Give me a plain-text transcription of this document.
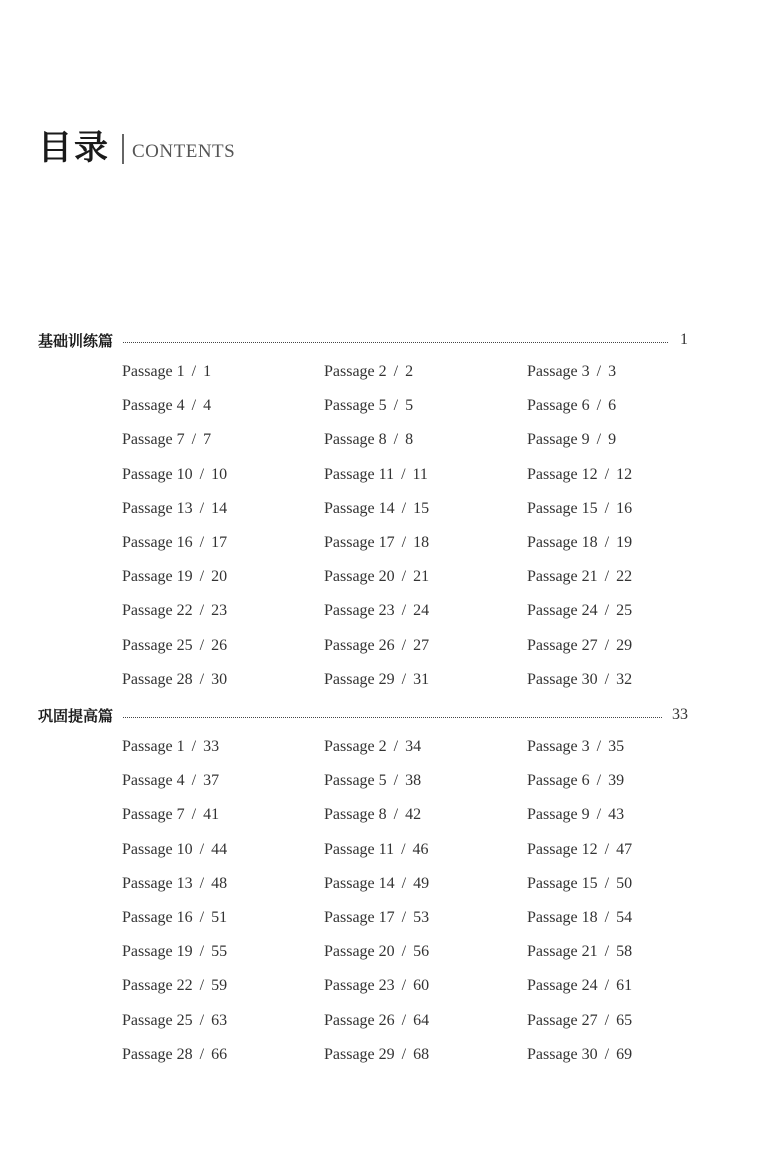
目录 CONTENTS
基础训练篇	1
Passage 1 / 1	Passage 2 / 2	Passage 3 / 3
Passage 4 / 4	Passage 5 / 5	Passage 6 / 6
Passage 7 / 7	Passage 8 / 8	Passage 9 / 9
Passage 10 / 10	Passage 11 / 11	Passage 12 / 12
Passage 13 / 14	Passage 14 / 15	Passage 15 / 16
Passage 16 / 17	Passage 17 / 18	Passage 18 / 19
Passage 19 / 20	Passage 20 / 21	Passage 21 / 22
Passage 22 / 23	Passage 23 / 24	Passage 24 / 25
Passage 25 / 26	Passage 26 / 27	Passage 27 / 29
Passage 28 / 30	Passage 29 / 31	Passage 30 / 32
巩固提高篇	33
Passage 1 / 33	Passage 2 / 34	Passage 3 / 35
Passage 4 / 37	Passage 5 / 38	Passage 6 / 39
Passage 7 / 41	Passage 8 / 42	Passage 9 / 43
Passage 10 / 44	Passage 11 / 46	Passage 12 / 47
Passage 13 / 48	Passage 14 / 49	Passage 15 / 50
Passage 16 / 51	Passage 17 / 53	Passage 18 / 54
Passage 19 / 55	Passage 20 / 56	Passage 21 / 58
Passage 22 / 59	Passage 23 / 60	Passage 24 / 61
Passage 25 / 63	Passage 26 / 64	Passage 27 / 65
Passage 28 / 66	Passage 29 / 68	Passage 30 / 69
